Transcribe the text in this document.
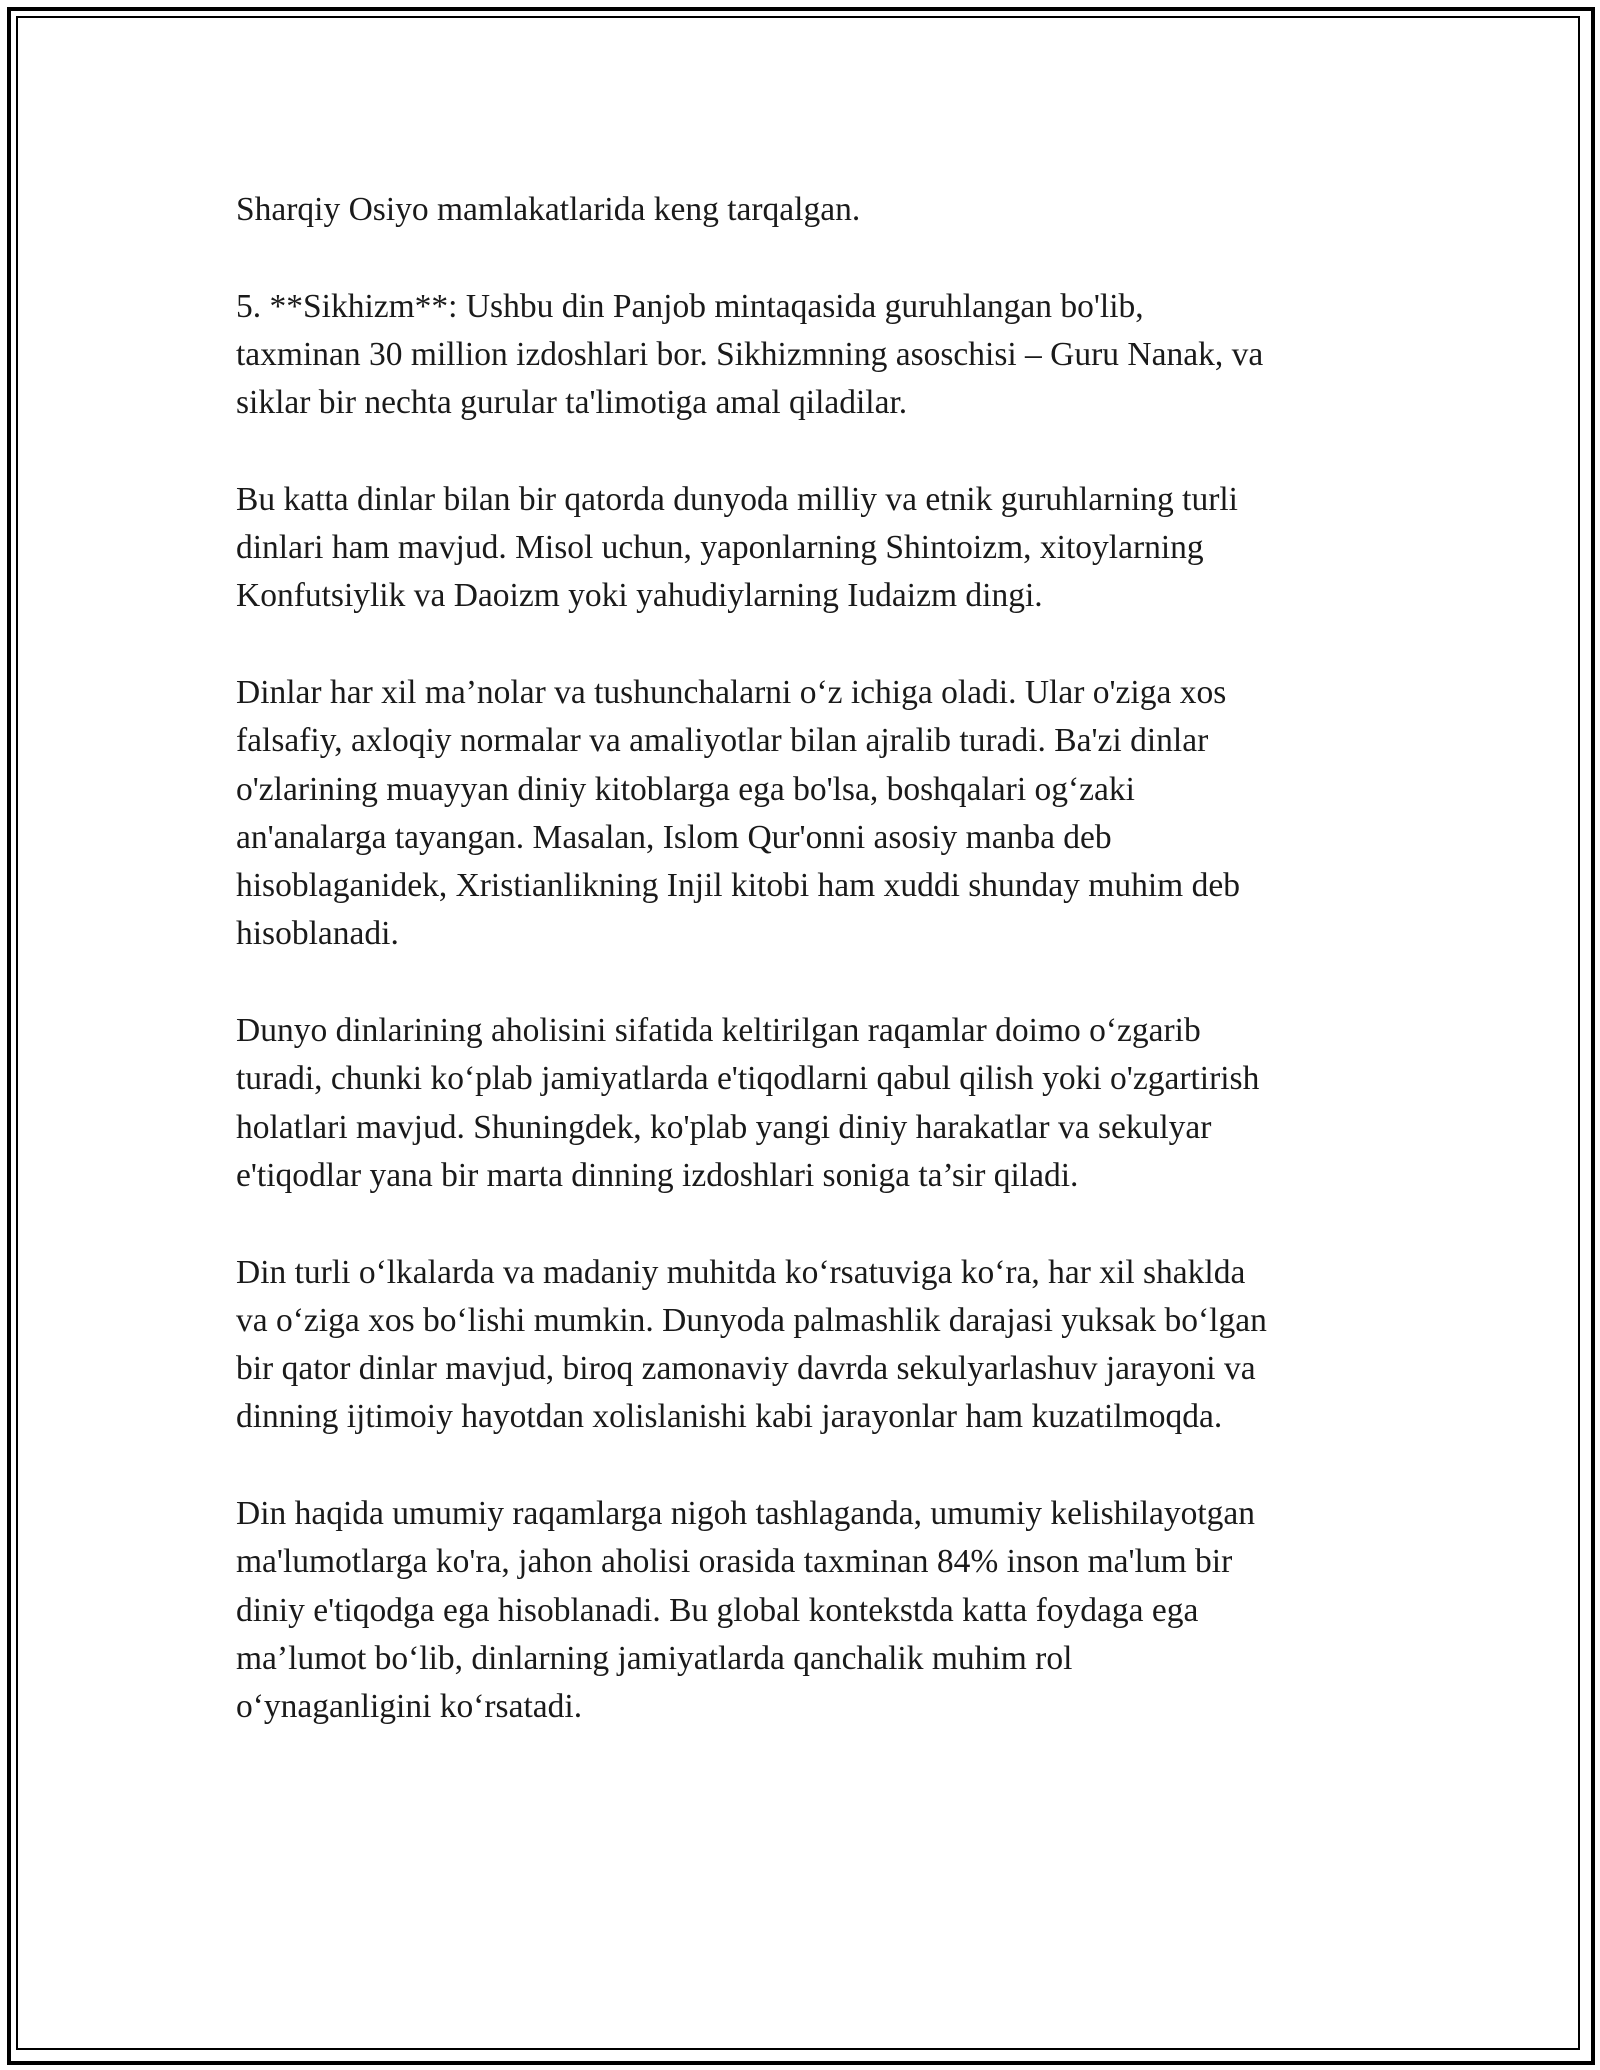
Sharqiy Osiyo mamlakatlarida keng tarqalgan.
5. **Sikhizm**: Ushbu din Panjob mintaqasida guruhlangan bo'lib,
taxminan 30 million izdoshlari bor. Sikhizmning asoschisi – Guru Nanak, va
siklar bir nechta gurular ta'limotiga amal qiladilar.
Bu katta dinlar bilan bir qatorda dunyoda milliy va etnik guruhlarning turli
dinlari ham mavjud. Misol uchun, yaponlarning Shintoizm, xitoylarning
Konfutsiylik va Daoizm yoki yahudiylarning Iudaizm dingi.
Dinlar har xil ma’nolar va tushunchalarni oʻz ichiga oladi. Ular o'ziga xos
falsafiy, axloqiy normalar va amaliyotlar bilan ajralib turadi. Ba'zi dinlar
o'zlarining muayyan diniy kitoblarga ega bo'lsa, boshqalari ogʻzaki
an'analarga tayangan. Masalan, Islom Qur'onni asosiy manba deb
hisoblaganidek, Xristianlikning Injil kitobi ham xuddi shunday muhim deb
hisoblanadi.
Dunyo dinlarining aholisini sifatida keltirilgan raqamlar doimo oʻzgarib
turadi, chunki koʻplab jamiyatlarda e'tiqodlarni qabul qilish yoki o'zgartirish
holatlari mavjud. Shuningdek, ko'plab yangi diniy harakatlar va sekulyar
e'tiqodlar yana bir marta dinning izdoshlari soniga ta’sir qiladi.
Din turli oʻlkalarda va madaniy muhitda koʻrsatuviga koʻra, har xil shakldа
va oʻziga xos boʻlishi mumkin. Dunyoda palmashlik darajasi yuksak boʻlgan
bir qator dinlar mavjud, biroq zamonaviy davrda sekulyarlashuv jarayoni va
dinning ijtimoiy hayotdan xolislanishi kabi jarayonlar ham kuzatilmoqda.
Din haqida umumiy raqamlarga nigoh tashlaganda, umumiy kelishilayotgan
ma'lumotlarga ko'ra, jahon aholisi orasida taxminan 84% inson ma'lum bir
diniy e'tiqodga ega hisoblanadi. Bu global kontekstda katta foydaga ega
ma’lumot boʻlib, dinlarning jamiyatlarda qanchalik muhim rol
oʻynaganligini koʻrsatadi.
